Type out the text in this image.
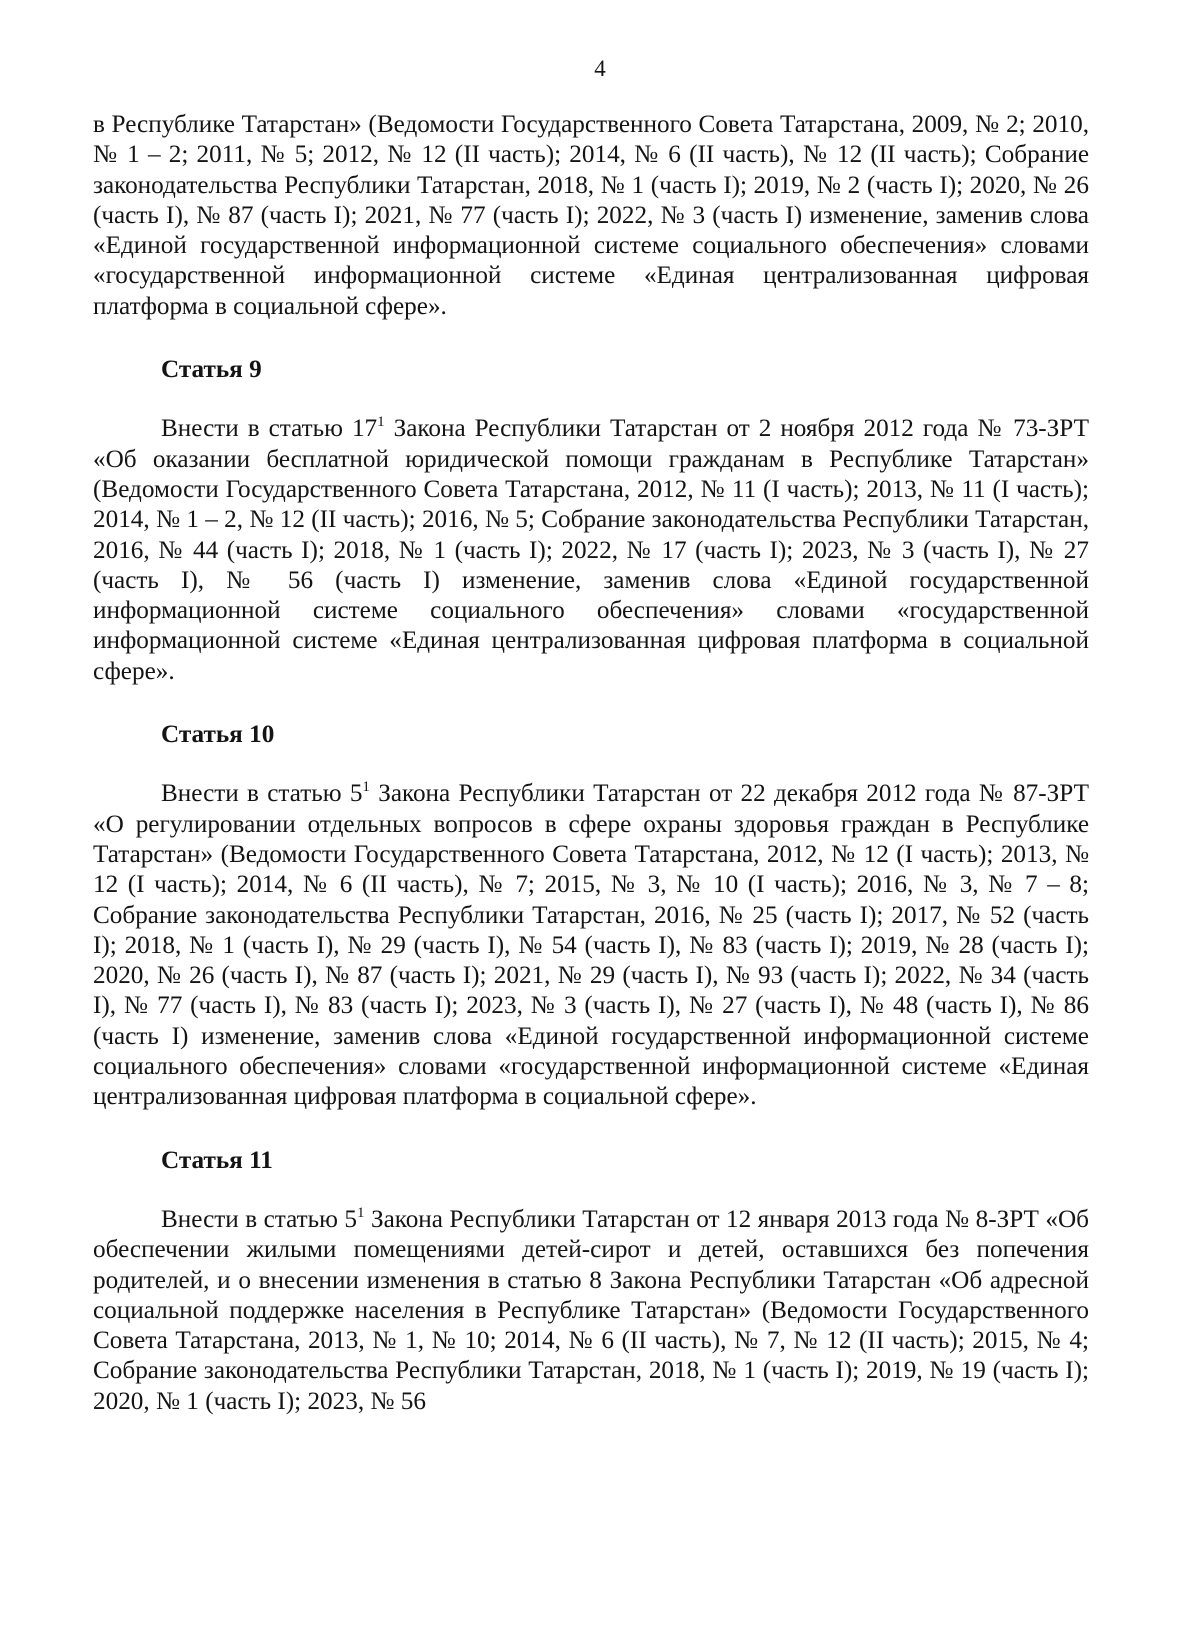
4

в Республике Татарстан» (Ведомости Государственного Совета Татарстана, 2009, № 2; 2010, № 1 – 2; 2011, № 5; 2012, № 12 (II часть); 2014, № 6 (II часть), № 12 (II часть); Собрание законодательства Республики Татарстан, 2018, № 1 (часть I); 2019, № 2 (часть I); 2020, № 26 (часть I), № 87 (часть I); 2021, № 77 (часть I); 2022, № 3 (часть I) изменение, заменив слова «Единой государственной информационной системе социального обеспечения» словами «государственной информационной системе «Единая централизованная цифровая платформа в социальной сфере».

Статья 9

Внести в статью $17^1$ Закона Республики Татарстан от 2 ноября 2012 года № 73-ЗРТ «Об оказании бесплатной юридической помощи гражданам в Республике Татарстан» (Ведомости Государственного Совета Татарстана, 2012, № 11 (I часть); 2013, № 11 (I часть); 2014, № 1 – 2, № 12 (II часть); 2016, № 5; Собрание законодательства Республики Татарстан, 2016, № 44 (часть I); 2018, № 1 (часть I); 2022, № 17 (часть I); 2023, № 3 (часть I), № 27 (часть I), № 56 (часть I) изменение, заменив слова «Единой государственной информационной системе социального обеспечения» словами «государственной информационной системе «Единая централизованная цифровая платформа в социальной сфере».

Статья 10

Внести в статью $5^1$ Закона Республики Татарстан от 22 декабря 2012 года № 87-ЗРТ «О регулировании отдельных вопросов в сфере охраны здоровья граждан в Республике Татарстан» (Ведомости Государственного Совета Татарстана, 2012, № 12 (I часть); 2013, № 12 (I часть); 2014, № 6 (II часть), № 7; 2015, № 3, № 10 (I часть); 2016, № 3, № 7 – 8; Собрание законодательства Республики Татарстан, 2016, № 25 (часть I); 2017, № 52 (часть I); 2018, № 1 (часть I), № 29 (часть I), № 54 (часть I), № 83 (часть I); 2019, № 28 (часть I); 2020, № 26 (часть I), № 87 (часть I); 2021, № 29 (часть I), № 93 (часть I); 2022, № 34 (часть I), № 77 (часть I), № 83 (часть I); 2023, № 3 (часть I), № 27 (часть I), № 48 (часть I), № 86 (часть I) изменение, заменив слова «Единой государственной информационной системе социального обеспечения» словами «государственной информационной системе «Единая централизованная цифровая платформа в социальной сфере».

Статья 11

Внести в статью $5^1$ Закона Республики Татарстан от 12 января 2013 года № 8-ЗРТ «Об обеспечении жилыми помещениями детей-сирот и детей, оставшихся без попечения родителей, и о внесении изменения в статью 8 Закона Республики Татарстан «Об адресной социальной поддержке населения в Республике Татарстан» (Ведомости Государственного Совета Татарстана, 2013, № 1, № 10; 2014, № 6 (II часть), № 7, № 12 (II часть); 2015, № 4; Собрание законодательства Республики Татарстан, 2018, № 1 (часть I); 2019, № 19 (часть I); 2020, № 1 (часть I); 2023, № 56
